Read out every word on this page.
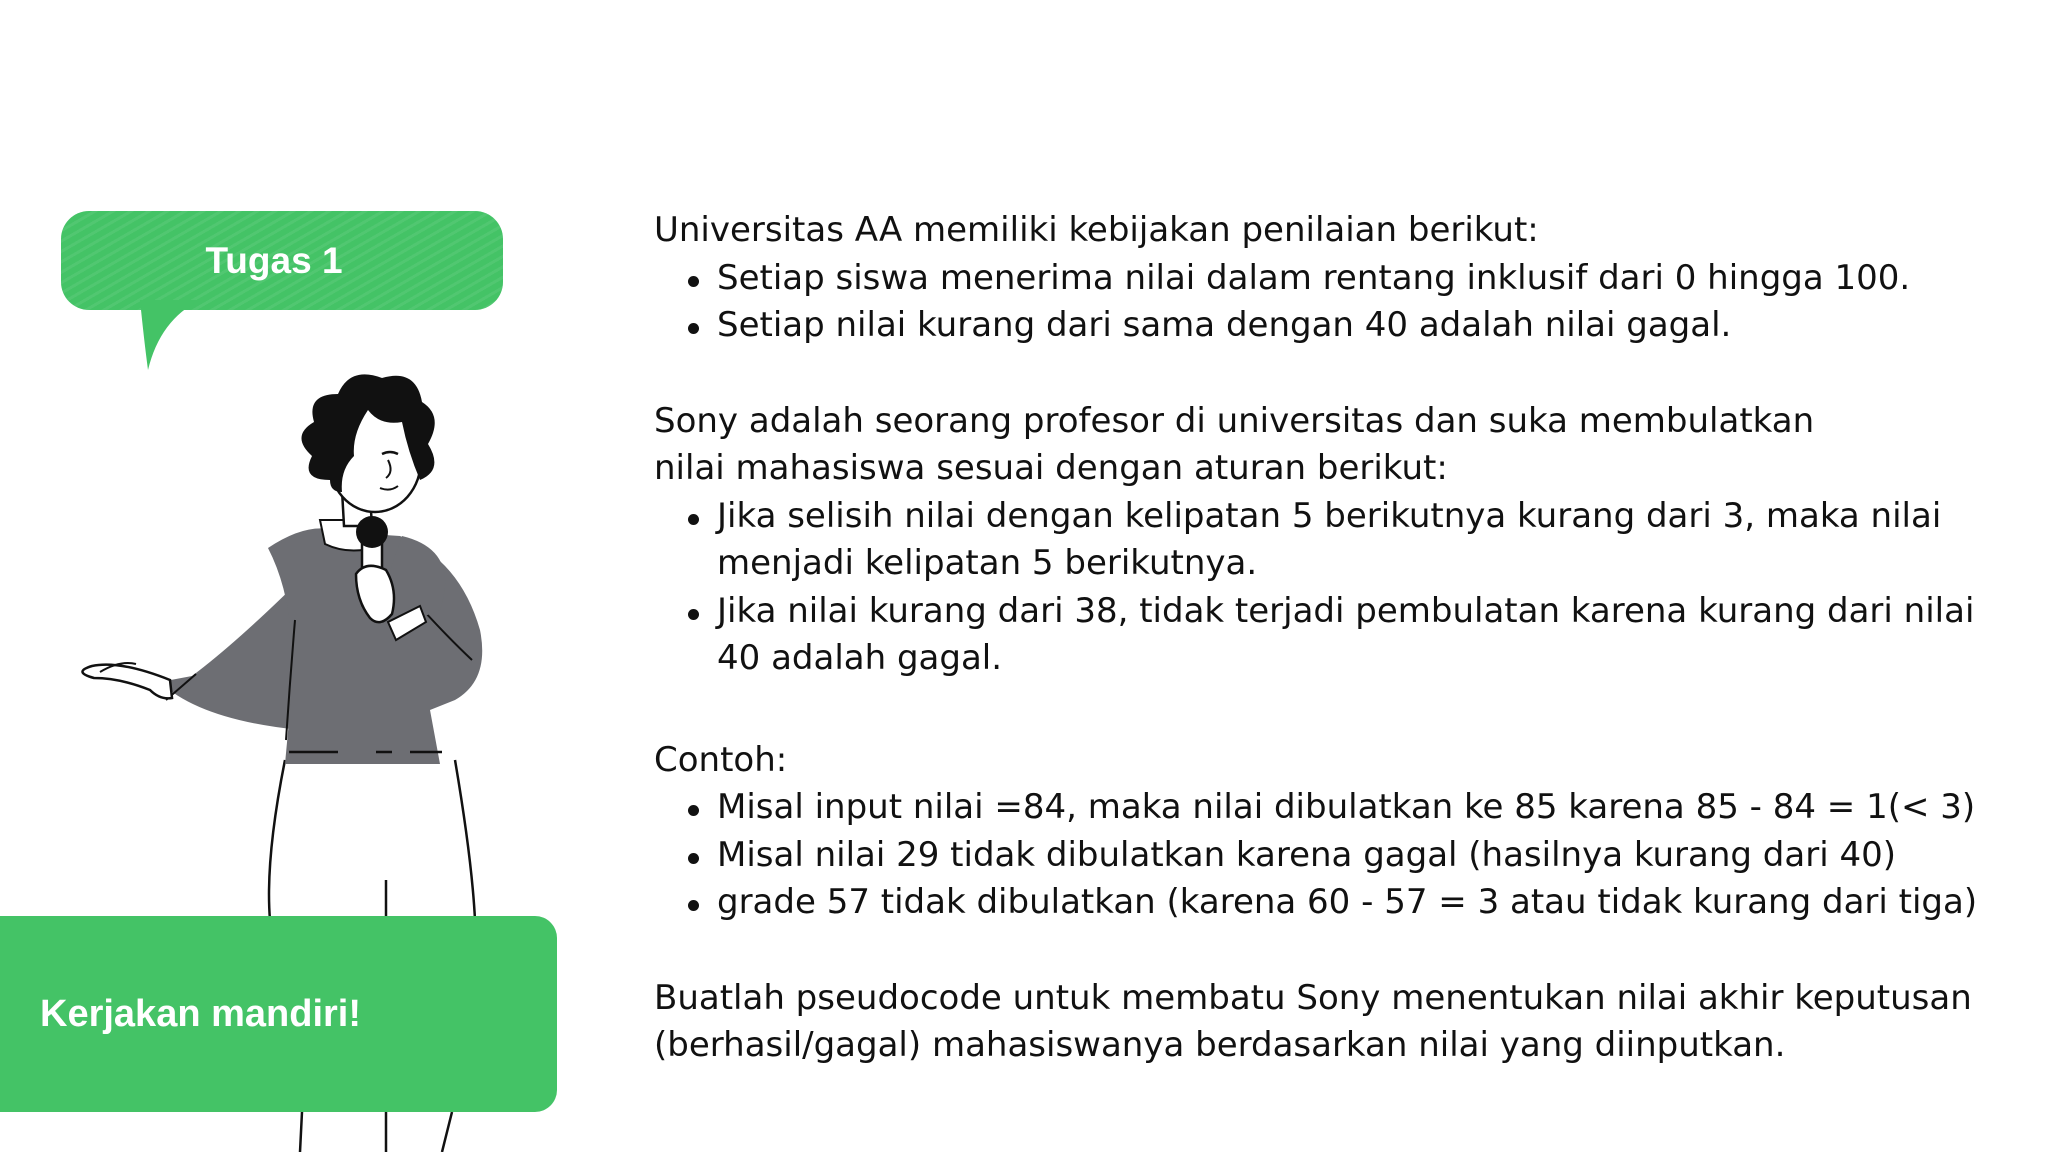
Tugas 1
Kerjakan mandiri!

Universitas AA memiliki kebijakan penilaian berikut:

Setiap siswa menerima nilai dalam rentang inklusif dari 0 hingga 100.
Setiap nilai kurang dari sama dengan 40 adalah nilai gagal.

Sony adalah seorang profesor di universitas dan suka membulatkan

nilai mahasiswa sesuai dengan aturan berikut:

Jika selisih nilai dengan kelipatan 5 berikutnya kurang dari 3, maka nilai menjadi kelipatan 5 berikutnya.
Jika nilai kurang dari 38, tidak terjadi pembulatan karena kurang dari nilai 40 adalah gagal.

Contoh:

Misal input nilai =84, maka nilai dibulatkan ke 85 karena 85 - 84 = 1(< 3)
Misal nilai 29 tidak dibulatkan karena gagal (hasilnya kurang dari 40)
grade 57 tidak dibulatkan (karena 60 - 57 = 3 atau tidak kurang dari tiga)

Buatlah pseudocode untuk membatu Sony menentukan nilai akhir keputusan

(berhasil/gagal) mahasiswanya berdasarkan nilai yang diinputkan.
